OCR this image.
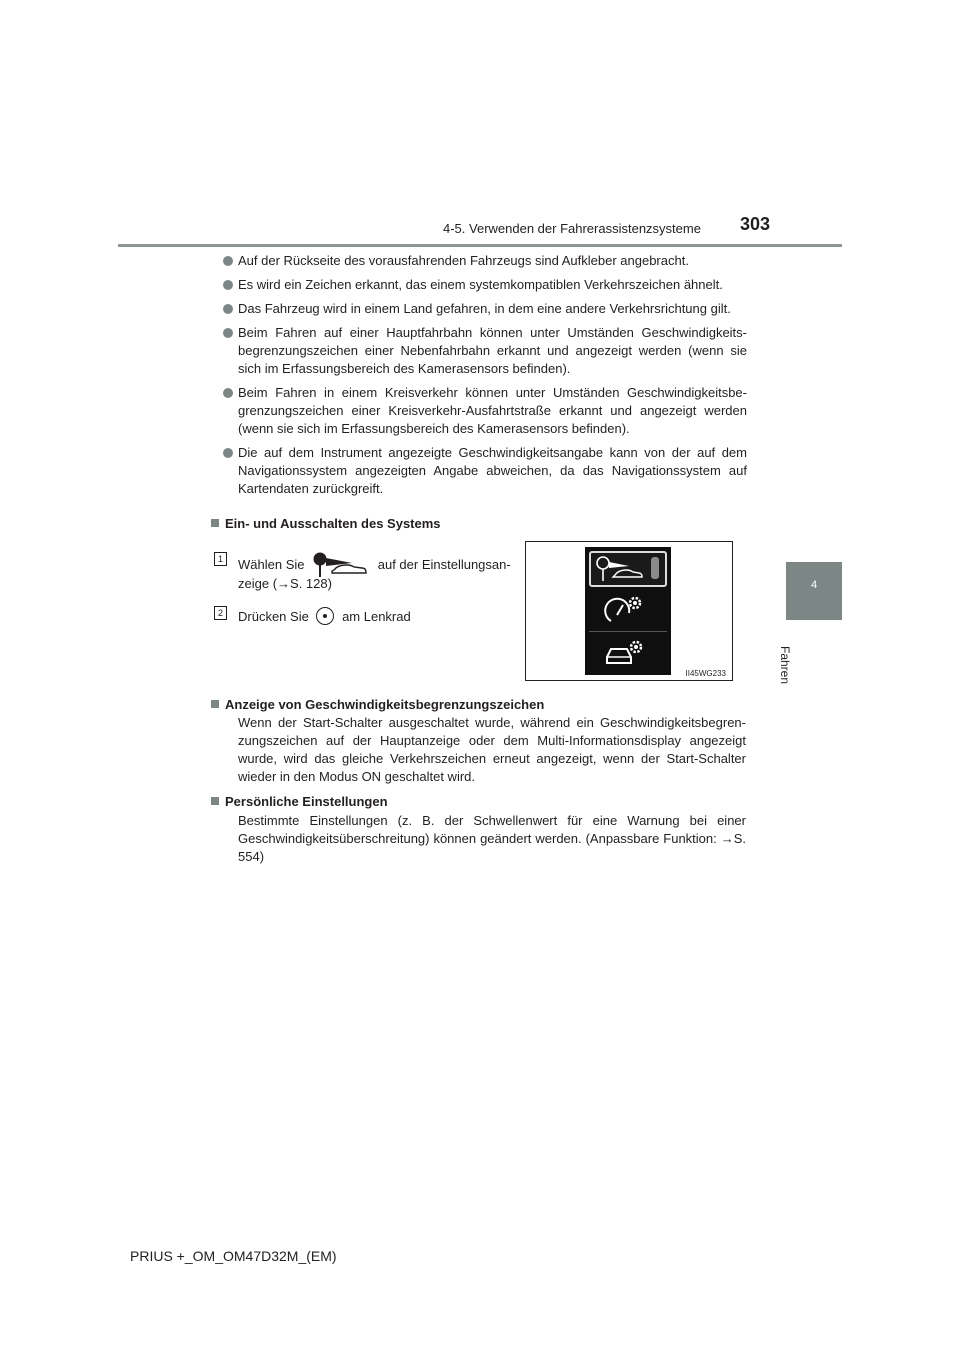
4-5. Verwenden der Fahrerassistenzsysteme 303
4
Fahren
Auf der Rückseite des vorausfahrenden Fahrzeugs sind Aufkleber angebracht.
Es wird ein Zeichen erkannt, das einem systemkompatiblen Verkehrszeichen ähnelt.
Das Fahrzeug wird in einem Land gefahren, in dem eine andere Verkehrsrichtung gilt.
Beim Fahren auf einer Hauptfahrbahn können unter Umständen Geschwindigkeits-begrenzungszeichen einer Nebenfahrbahn erkannt und angezeigt werden (wenn sie sich im Erfassungsbereich des Kamerasensors befinden).
Beim Fahren in einem Kreisverkehr können unter Umständen Geschwindigkeitsbe-grenzungszeichen einer Kreisverkehr-Ausfahrtstraße erkannt und angezeigt werden (wenn sie sich im Erfassungsbereich des Kamerasensors befinden).
Die auf dem Instrument angezeigte Geschwindigkeitsangabe kann von der auf dem Navigationssystem angezeigten Angabe abweichen, da das Navigationssystem auf Kartendaten zurückgreift.
Ein- und Ausschalten des Systems
1	Wählen Sie	auf der Einstellungsan-
zeige (→S. 128)
2	Drücken Sie	am Lenkrad
II45WG233
Anzeige von Geschwindigkeitsbegrenzungszeichen
Wenn der Start-Schalter ausgeschaltet wurde, während ein Geschwindigkeitsbegren-zungszeichen auf der Hauptanzeige oder dem Multi-Informationsdisplay angezeigt wurde, wird das gleiche Verkehrszeichen erneut angezeigt, wenn der Start-Schalter wieder in den Modus ON geschaltet wird.
Persönliche Einstellungen
Bestimmte Einstellungen (z. B. der Schwellenwert für eine Warnung bei einer Geschwindigkeitsüberschreitung) können geändert werden. (Anpassbare Funktion: →S. 554)
PRIUS +_OM_OM47D32M_(EM)
